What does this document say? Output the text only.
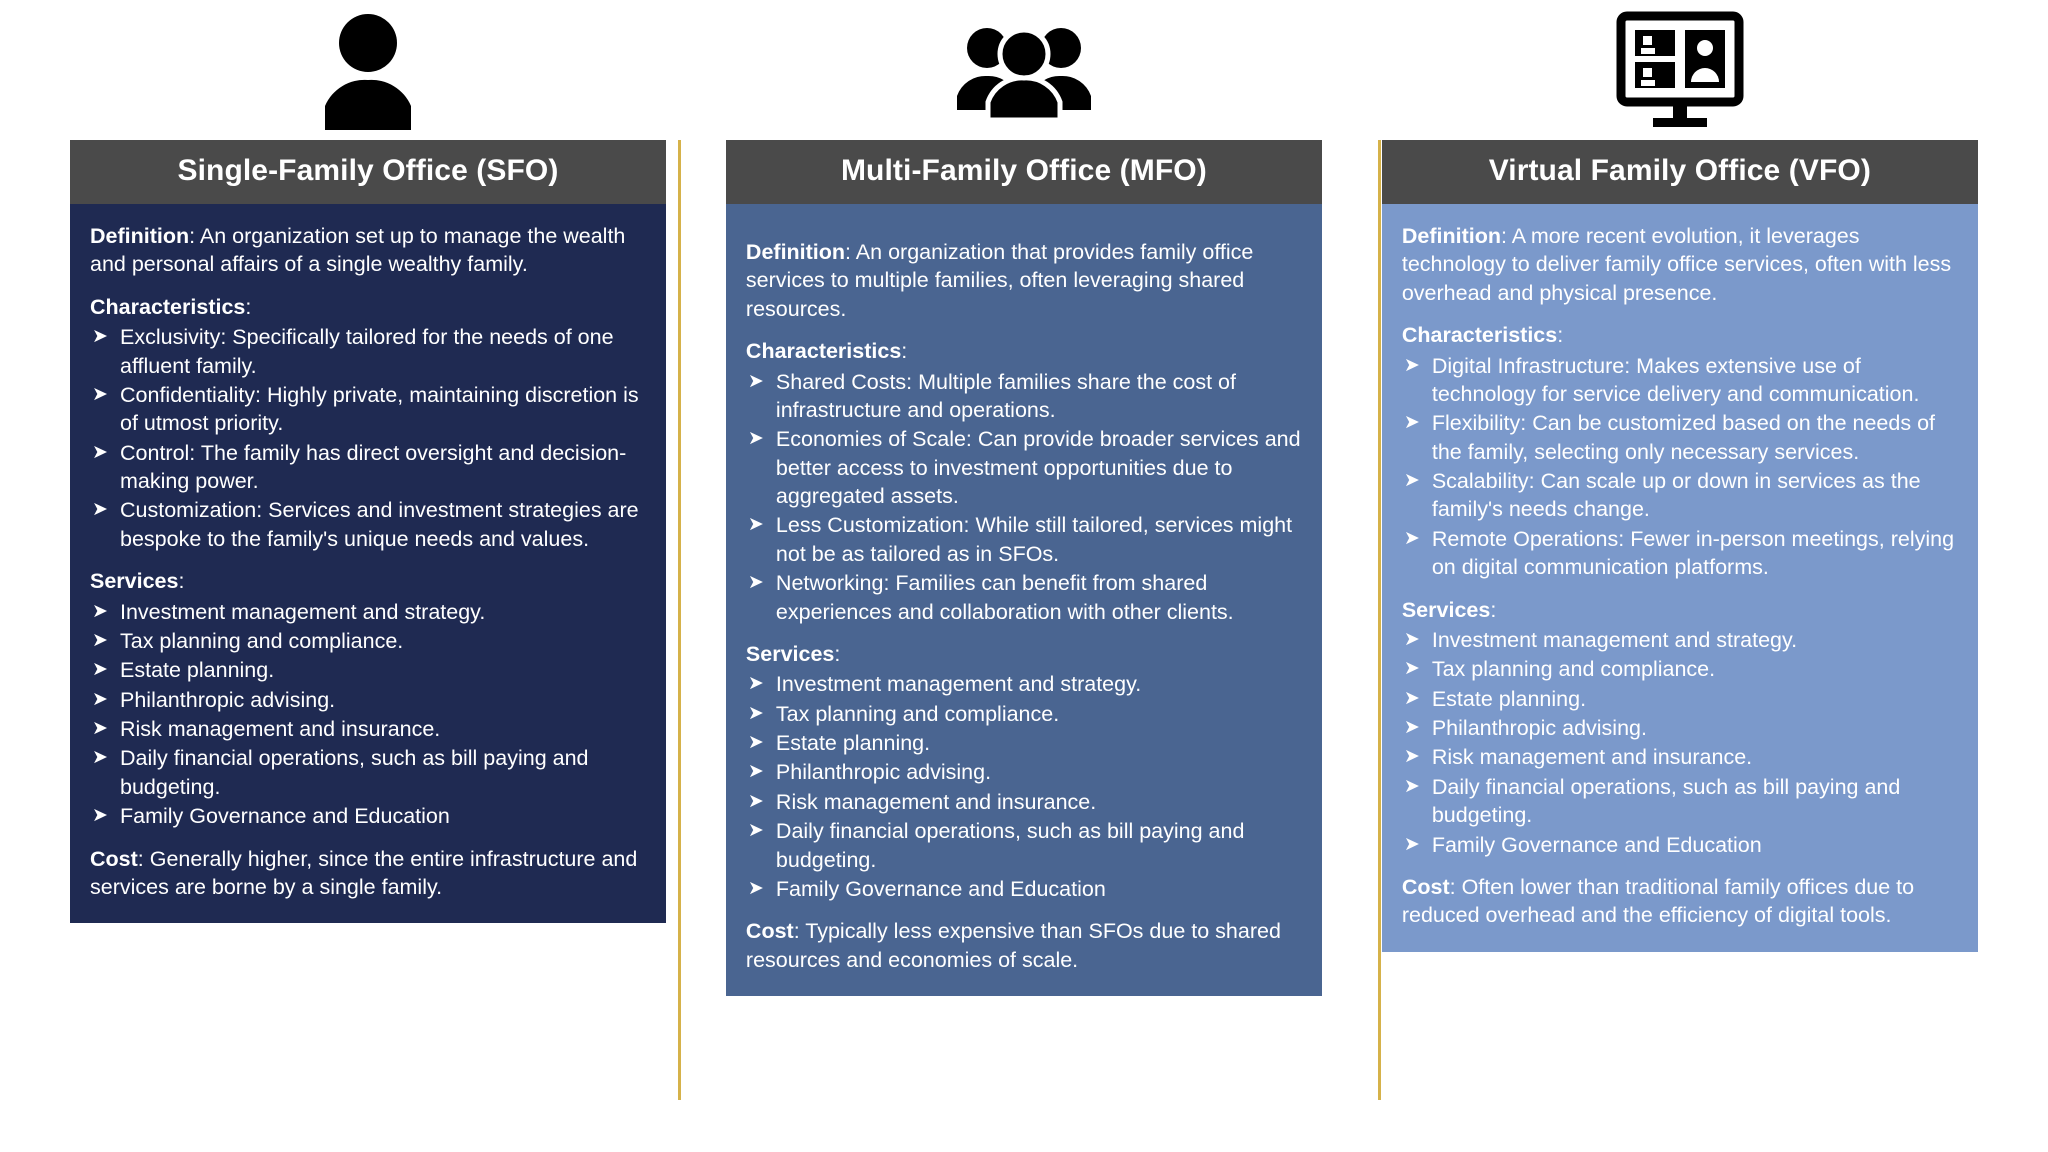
Single-Family Office (SFO)

Definition: An organization set up to manage the wealth and personal affairs of a single wealthy family.

Characteristics:

➤ Exclusivity: Specifically tailored for the needs of one affluent family.
➤ Confidentiality: Highly private, maintaining discretion is of utmost priority.
➤ Control: The family has direct oversight and decision-making power.
➤ Customization: Services and investment strategies are bespoke to the family's unique needs and values.

Services:

➤ Investment management and strategy.
➤ Tax planning and compliance.
➤ Estate planning.
➤ Philanthropic advising.
➤ Risk management and insurance.
➤ Daily financial operations, such as bill paying and budgeting.
➤ Family Governance and Education

Cost: Generally higher, since the entire infrastructure and services are borne by a single family.

Multi-Family Office (MFO)

Definition: An organization that provides family office services to multiple families, often leveraging shared resources.

Characteristics:

➤ Shared Costs: Multiple families share the cost of infrastructure and operations.
➤ Economies of Scale: Can provide broader services and better access to investment opportunities due to aggregated assets.
➤ Less Customization: While still tailored, services might not be as tailored as in SFOs.
➤ Networking: Families can benefit from shared experiences and collaboration with other clients.

Services:

➤ Investment management and strategy.
➤ Tax planning and compliance.
➤ Estate planning.
➤ Philanthropic advising.
➤ Risk management and insurance.
➤ Daily financial operations, such as bill paying and budgeting.
➤ Family Governance and Education

Cost: Typically less expensive than SFOs due to shared resources and economies of scale.

Virtual Family Office (VFO)

Definition: A more recent evolution, it leverages technology to deliver family office services, often with less overhead and physical presence.

Characteristics:

➤ Digital Infrastructure: Makes extensive use of technology for service delivery and communication.
➤ Flexibility: Can be customized based on the needs of the family, selecting only necessary services.
➤ Scalability: Can scale up or down in services as the family's needs change.
➤ Remote Operations: Fewer in-person meetings, relying on digital communication platforms.

Services:

➤ Investment management and strategy.
➤ Tax planning and compliance.
➤ Estate planning.
➤ Philanthropic advising.
➤ Risk management and insurance.
➤ Daily financial operations, such as bill paying and budgeting.
➤ Family Governance and Education

Cost: Often lower than traditional family offices due to reduced overhead and the efficiency of digital tools.
